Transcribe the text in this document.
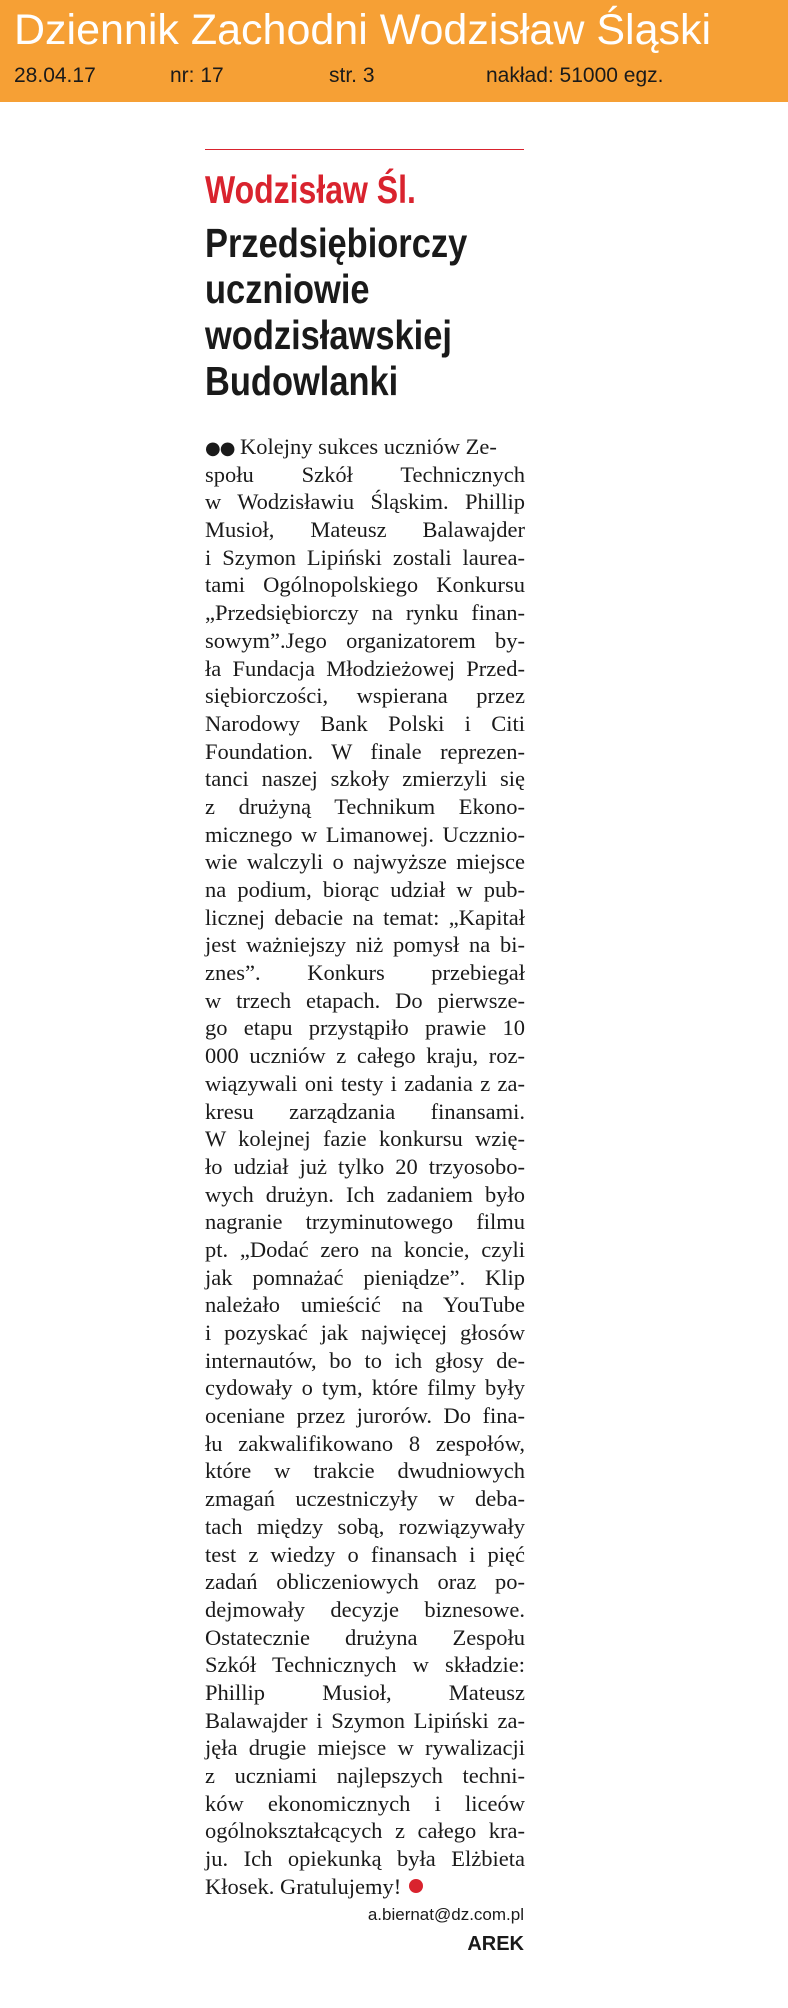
Dziennik Zachodni Wodzisław Śląski
28.04.17	nr: 17	str. 3	nakład: 51000 egz.
Wodzisław Śl.
Przedsiębiorczy
uczniowie
wodzisławskiej
Budowlanki
●● Kolejny sukces uczniów Ze-
społu Szkół Technicznych
w Wodzisławiu Śląskim. Phillip
Musioł, Mateusz Balawajder
i Szymon Lipiński zostali laurea-
tami Ogólnopolskiego Konkursu
„Przedsiębiorczy na rynku finan-
sowym”.Jego organizatorem by-
ła Fundacja Młodzieżowej Przed-
siębiorczości, wspierana przez
Narodowy Bank Polski i Citi
Foundation. W finale reprezen-
tanci naszej szkoły zmierzyli się
z drużyną Technikum Ekono-
micznego w Limanowej. Uczznio-
wie walczyli o najwyższe miejsce
na podium, biorąc udział w pub-
licznej debacie na temat: „Kapitał
jest ważniejszy niż pomysł na bi-
znes”. Konkurs przebiegał
w trzech etapach. Do pierwsze-
go etapu przystąpiło prawie 10
000 uczniów z całego kraju, roz-
wiązywali oni testy i zadania z za-
kresu zarządzania finansami.
W kolejnej fazie konkursu wzię-
ło udział już tylko 20 trzyosobo-
wych drużyn. Ich zadaniem było
nagranie trzyminutowego filmu
pt. „Dodać zero na koncie, czyli
jak pomnażać pieniądze”. Klip
należało umieścić na YouTube
i pozyskać jak najwięcej głosów
internautów, bo to ich głosy de-
cydowały o tym, które filmy były
oceniane przez jurorów. Do fina-
łu zakwalifikowano 8 zespołów,
które w trakcie dwudniowych
zmagań uczestniczyły w deba-
tach między sobą, rozwiązywały
test z wiedzy o finansach i pięć
zadań obliczeniowych oraz po-
dejmowały decyzje biznesowe.
Ostatecznie drużyna Zespołu
Szkół Technicznych w składzie:
Phillip Musioł, Mateusz
Balawajder i Szymon Lipiński za-
jęła drugie miejsce w rywalizacji
z uczniami najlepszych techni-
ków ekonomicznych i liceów
ogólnokształcących z całego kra-
ju. Ich opiekunką była Elżbieta
Kłosek. Gratulujemy!
a.biernat@dz.com.pl
AREK
